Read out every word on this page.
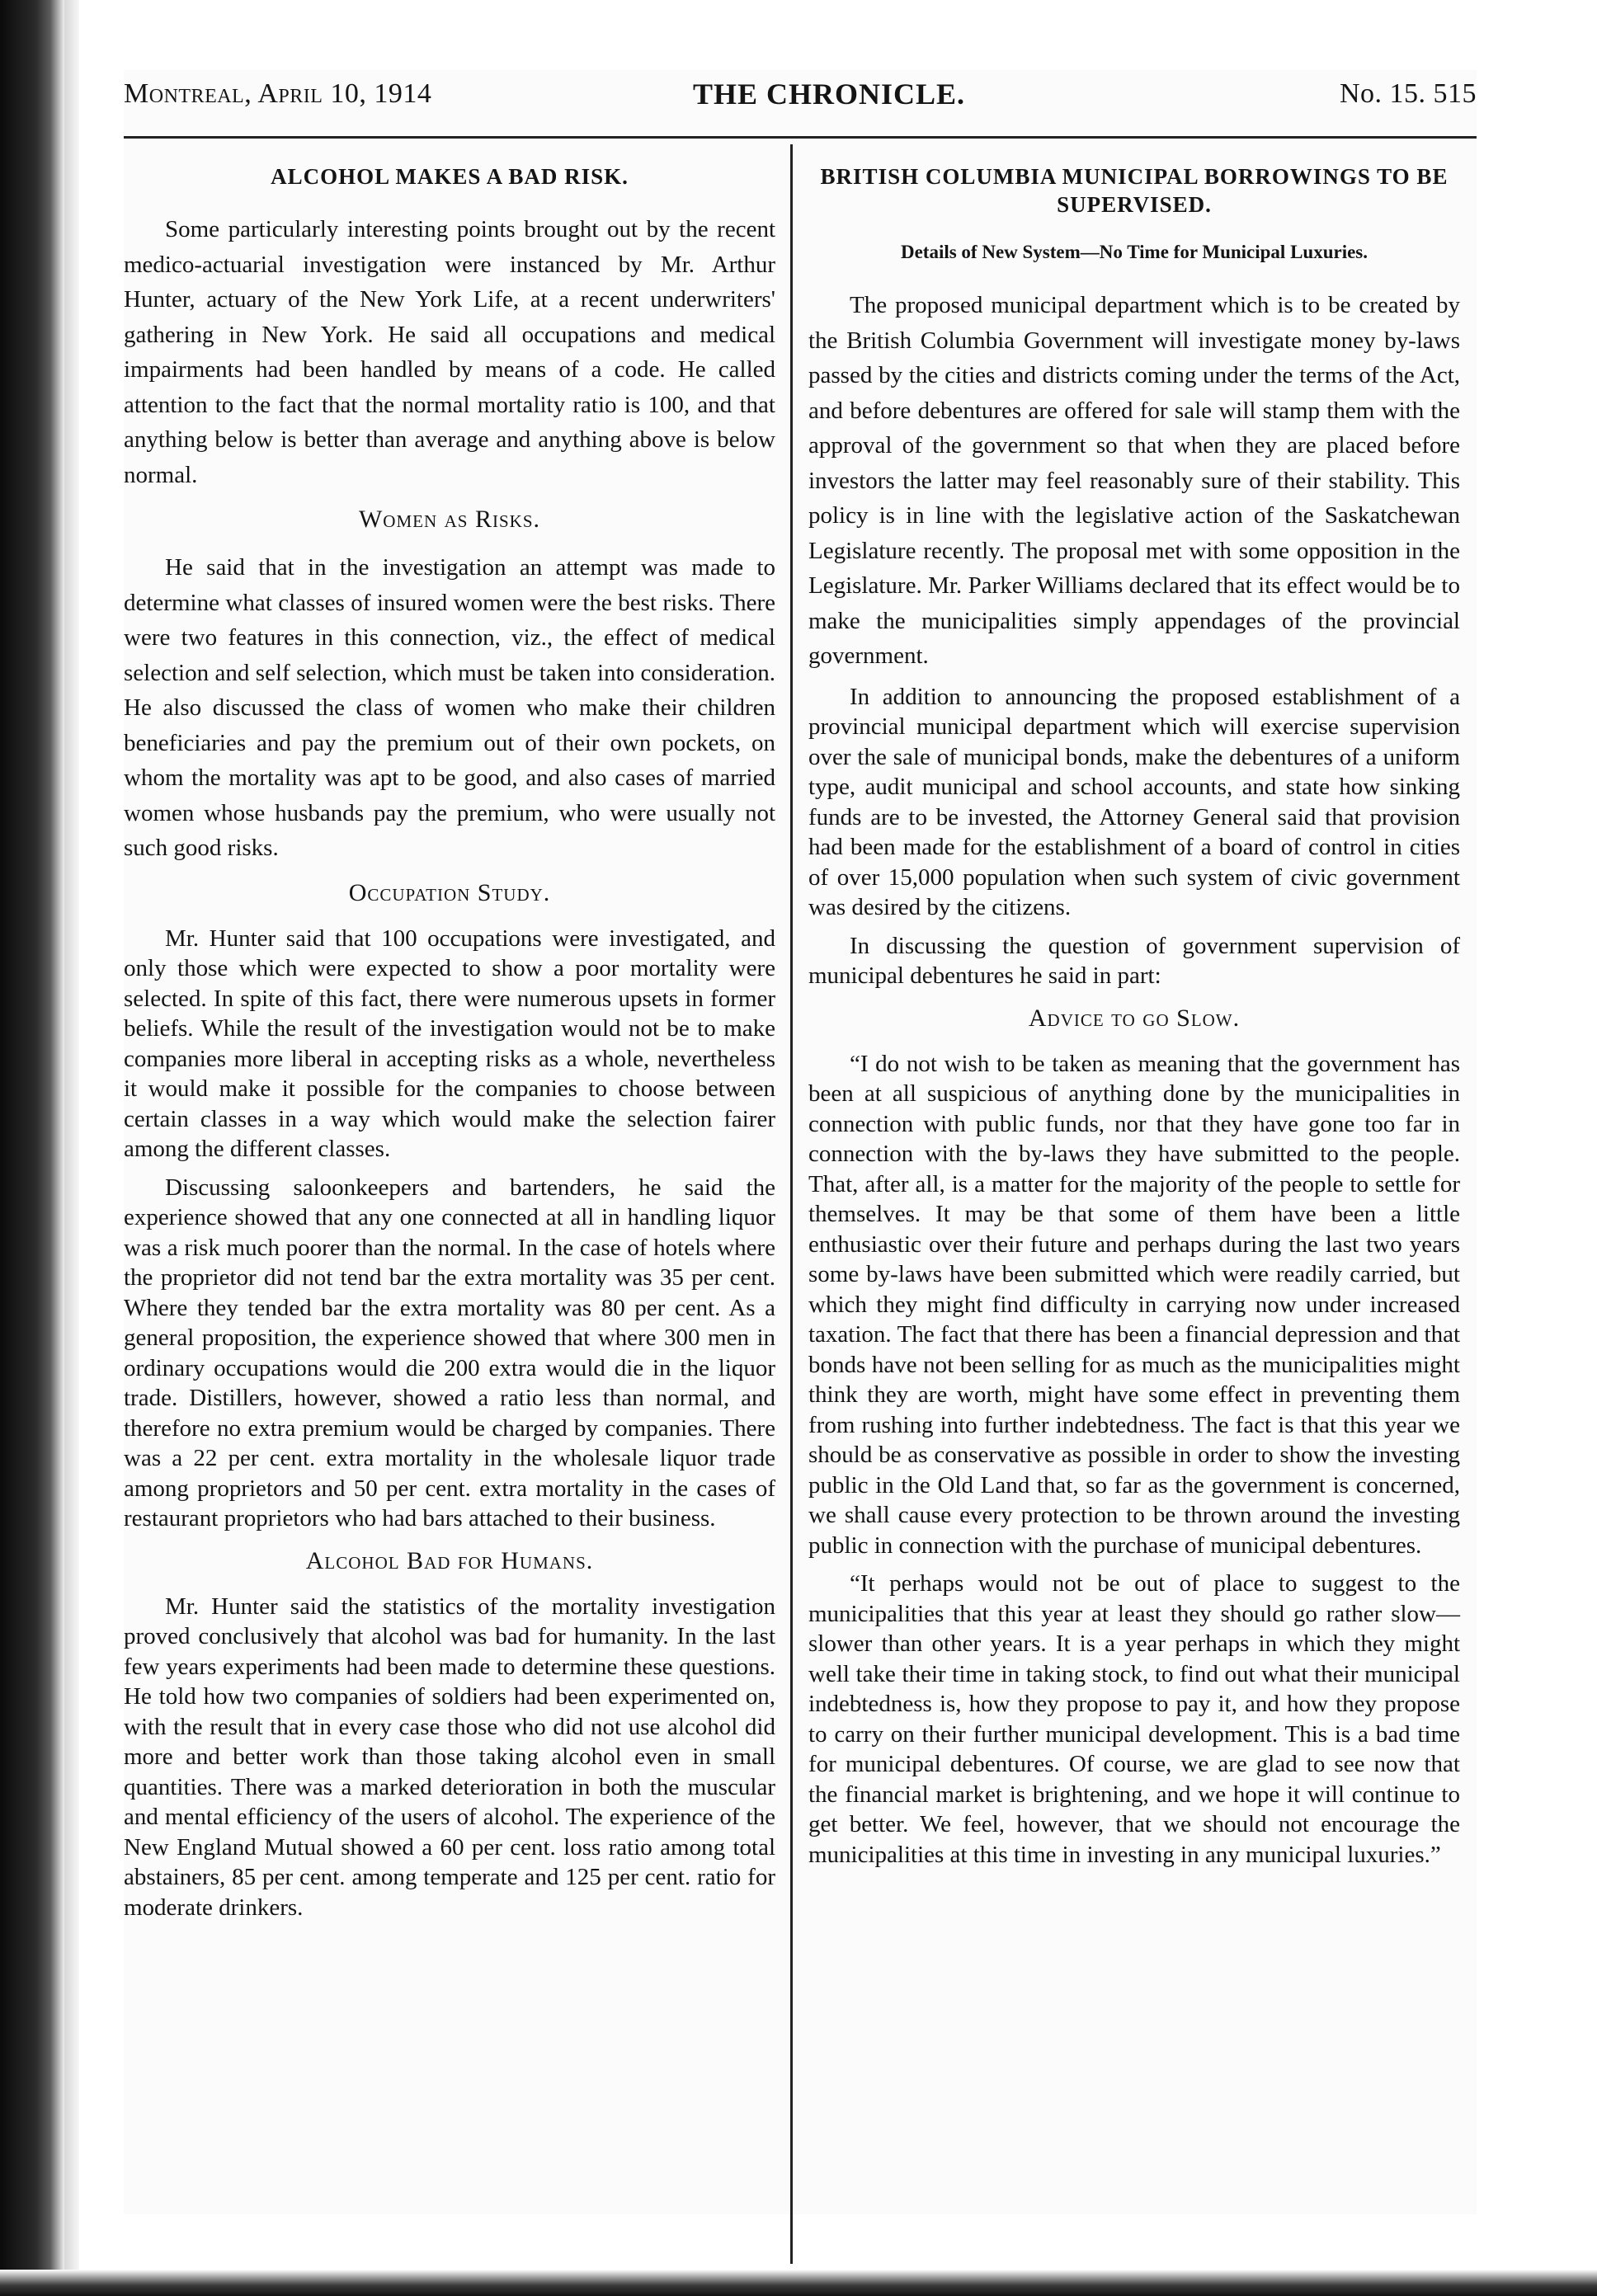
Montreal, April 10, 1914	THE CHRONICLE.	No. 15. 515
ALCOHOL MAKES A BAD RISK.

Some particularly interesting points brought out by the recent medico-actuarial investigation were instanced by Mr. Arthur Hunter, actuary of the New York Life, at a recent underwriters' gathering in New York. He said all occupations and medical impairments had been handled by means of a code. He called attention to the fact that the normal mortality ratio is 100, and that anything below is better than average and anything above is below normal.

Women as Risks.

He said that in the investigation an attempt was made to determine what classes of insured women were the best risks. There were two features in this connection, viz., the effect of medical selection and self selection, which must be taken into consideration. He also discussed the class of women who make their children beneficiaries and pay the premium out of their own pockets, on whom the mortality was apt to be good, and also cases of married women whose husbands pay the premium, who were usually not such good risks.

Occupation Study.

Mr. Hunter said that 100 occupations were investigated, and only those which were expected to show a poor mortality were selected. In spite of this fact, there were numerous upsets in former beliefs. While the result of the investigation would not be to make companies more liberal in accepting risks as a whole, nevertheless it would make it possible for the companies to choose between certain classes in a way which would make the selection fairer among the different classes.

Discussing saloonkeepers and bartenders, he said the experience showed that any one connected at all in handling liquor was a risk much poorer than the normal. In the case of hotels where the proprietor did not tend bar the extra mortality was 35 per cent. Where they tended bar the extra mortality was 80 per cent. As a general proposition, the experience showed that where 300 men in ordinary occupations would die 200 extra would die in the liquor trade. Distillers, however, showed a ratio less than normal, and therefore no extra premium would be charged by companies. There was a 22 per cent. extra mortality in the wholesale liquor trade among proprietors and 50 per cent. extra mortality in the cases of restaurant proprietors who had bars attached to their business.

Alcohol Bad for Humans.

Mr. Hunter said the statistics of the mortality investigation proved conclusively that alcohol was bad for humanity. In the last few years experiments had been made to determine these questions. He told how two companies of soldiers had been experimented on, with the result that in every case those who did not use alcohol did more and better work than those taking alcohol even in small quantities. There was a marked deterioration in both the muscular and mental efficiency of the users of alcohol. The experience of the New England Mutual showed a 60 per cent. loss ratio among total abstainers, 85 per cent. among temperate and 125 per cent. ratio for moderate drinkers.

BRITISH COLUMBIA MUNICIPAL BORROWINGS TO BE SUPERVISED.
Details of New System—No Time for Municipal Luxuries.

The proposed municipal department which is to be created by the British Columbia Government will investigate money by-laws passed by the cities and districts coming under the terms of the Act, and before debentures are offered for sale will stamp them with the approval of the government so that when they are placed before investors the latter may feel reasonably sure of their stability. This policy is in line with the legislative action of the Saskatchewan Legislature recently. The proposal met with some opposition in the Legislature. Mr. Parker Williams declared that its effect would be to make the municipalities simply appendages of the provincial government.

In addition to announcing the proposed establishment of a provincial municipal department which will exercise supervision over the sale of municipal bonds, make the debentures of a uniform type, audit municipal and school accounts, and state how sinking funds are to be invested, the Attorney General said that provision had been made for the establishment of a board of control in cities of over 15,000 population when such system of civic government was desired by the citizens.

In discussing the question of government supervision of municipal debentures he said in part:

Advice to go Slow.

“I do not wish to be taken as meaning that the government has been at all suspicious of anything done by the municipalities in connection with public funds, nor that they have gone too far in connection with the by-laws they have submitted to the people. That, after all, is a matter for the majority of the people to settle for themselves. It may be that some of them have been a little enthusiastic over their future and perhaps during the last two years some by-laws have been submitted which were readily carried, but which they might find difficulty in carrying now under increased taxation. The fact that there has been a financial depression and that bonds have not been selling for as much as the municipalities might think they are worth, might have some effect in preventing them from rushing into further indebtedness. The fact is that this year we should be as conservative as possible in order to show the investing public in the Old Land that, so far as the government is concerned, we shall cause every protection to be thrown around the investing public in connection with the purchase of municipal debentures.

“It perhaps would not be out of place to suggest to the municipalities that this year at least they should go rather slow—slower than other years. It is a year perhaps in which they might well take their time in taking stock, to find out what their municipal indebtedness is, how they propose to pay it, and how they propose to carry on their further municipal development. This is a bad time for municipal debentures. Of course, we are glad to see now that the financial market is brightening, and we hope it will continue to get better. We feel, however, that we should not encourage the municipalities at this time in investing in any municipal luxuries.”
